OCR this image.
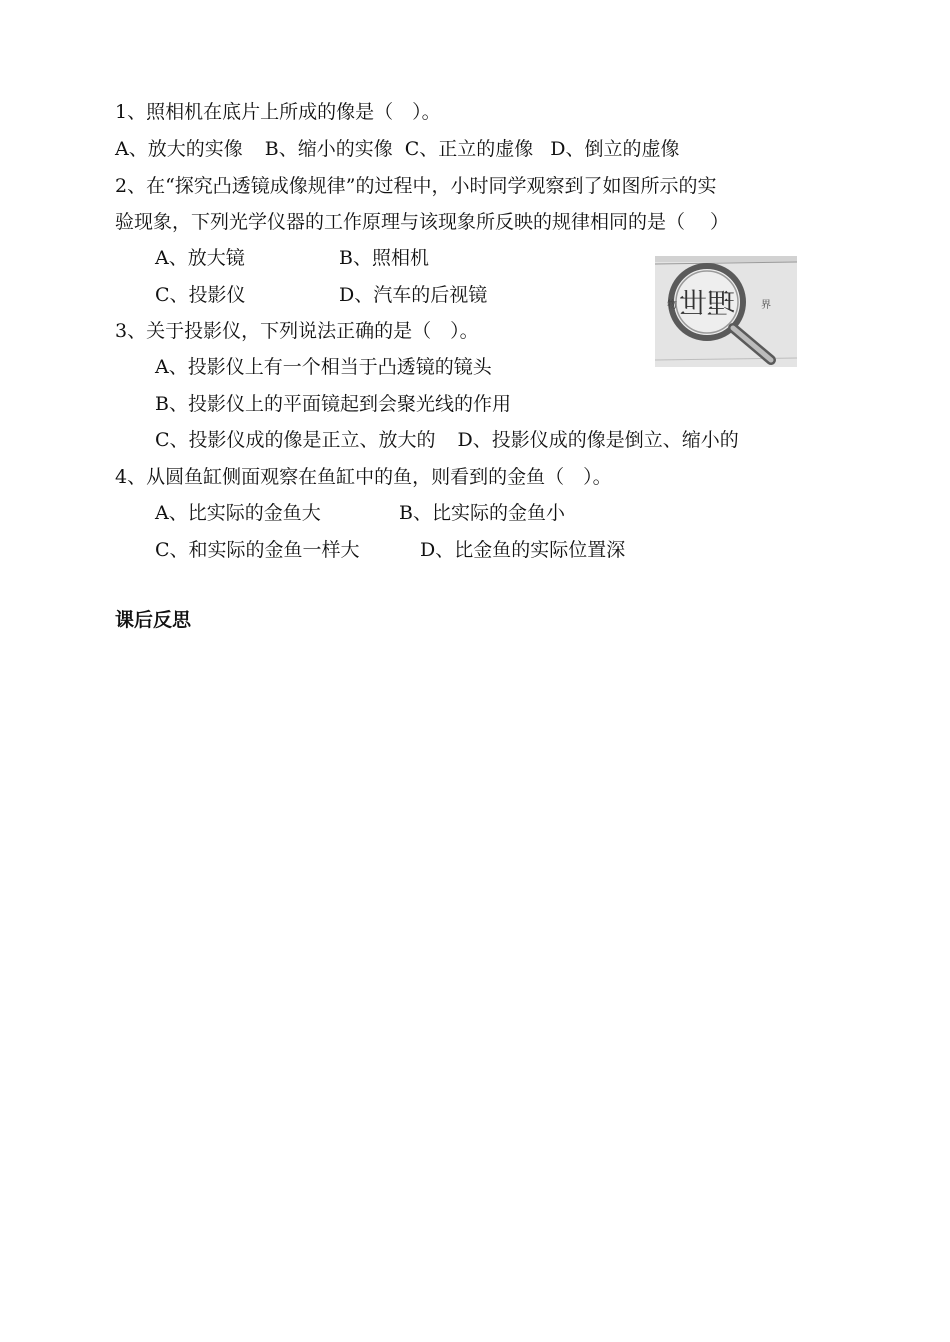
1、照相机在底片上所成的像是（　）。
A、放大的实像 B、缩小的实像 C、正立的虚像 D、倒立的虚像
2、在“探究凸透镜成像规律”的过程中，小时同学观察到了如图所示的实
验现象，下列光学仪器的工作原理与该现象所反映的规律相同的是（　 ）
A、放大镜	B、照相机
C、投影仪	D、汽车的后视镜	物	界
理世
3、关于投影仪，下列说法正确的是（　）。
A、投影仪上有一个相当于凸透镜的镜头
B、投影仪上的平面镜起到会聚光线的作用
C、投影仪成的像是正立、放大的 D、投影仪成的像是倒立、缩小的
4、从圆鱼缸侧面观察在鱼缸中的鱼，则看到的金鱼（　）。
A、比实际的金鱼大	B、比实际的金鱼小
C、和实际的金鱼一样大	D、比金鱼的实际位置深
课后反思
